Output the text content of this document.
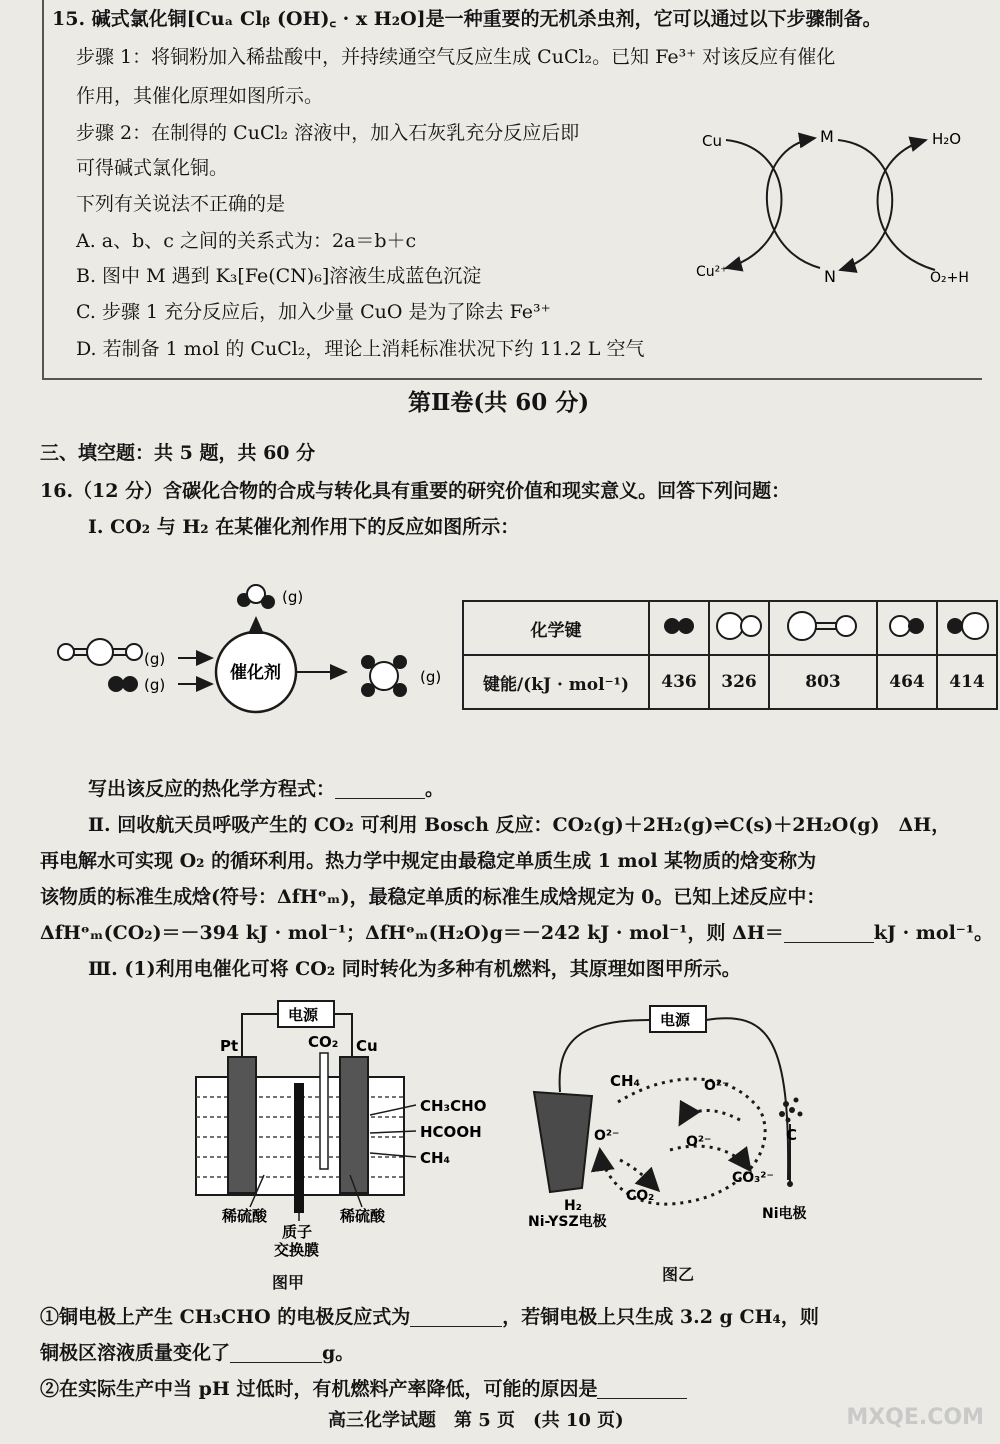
15. 碱式氯化铜[Cuₐ Clᵦ (OH)꜀ · x H₂O]是一种重要的无机杀虫剂，它可以通过以下步骤制备。
步骤 1：将铜粉加入稀盐酸中，并持续通空气反应生成 CuCl₂。已知 Fe³⁺ 对该反应有催化
作用，其催化原理如图所示。
步骤 2：在制得的 CuCl₂ 溶液中，加入石灰乳充分反应后即
可得碱式氯化铜。
下列有关说法不正确的是
A. a、b、c 之间的关系式为：2a＝b＋c
B. 图中 M 遇到 K₃[Fe(CN)₆]溶液生成蓝色沉淀
C. 步骤 1 充分反应后，加入少量 CuO 是为了除去 Fe³⁺
D. 若制备 1 mol 的 CuCl₂，理论上消耗标准状况下约 11.2 L 空气
Cu
Cu²⁺
M
N
H₂O
O₂+H
第Ⅱ卷(共 60 分)
三、填空题：共 5 题，共 60 分
16.（12 分）含碳化合物的合成与转化具有重要的研究价值和现实意义。回答下列问题：
Ⅰ. CO₂ 与 H₂ 在某催化剂作用下的反应如图所示：
(g)
(g)
催化剂
(g)
(g)
化学键					
键能/(kJ · mol⁻¹)	436	326	803	464	414
写出该反应的热化学方程式：	。
Ⅱ. 回收航天员呼吸产生的 CO₂ 可利用 Bosch 反应：CO₂(g)＋2H₂(g)⇌C(s)＋2H₂O(g)　ΔH，
再电解水可实现 O₂ 的循环利用。热力学中规定由最稳定单质生成 1 mol 某物质的焓变称为
该物质的标准生成焓(符号：ΔfHᶱₘ)，最稳定单质的标准生成焓规定为 0。已知上述反应中：
ΔfHᶱₘ(CO₂)＝－394 kJ · mol⁻¹；ΔfHᶱₘ(H₂O)g＝－242 kJ · mol⁻¹，则 ΔH＝	kJ · mol⁻¹。
Ⅲ. (1)利用电催化可将 CO₂ 同时转化为多种有机燃料，其原理如图甲所示。
电源
Pt	CO₂ Cu
CH₃CHO
HCOOH
CH₄
稀硫酸
质子
交换膜
稀硫酸
图甲
电源
CH₄	O²⁻
O²⁻	O²⁻
CO₃²⁻
CO₂
C
H₂
Ni-YSZ电极	Ni电极
图乙
①铜电极上产生 CH₃CHO 的电极反应式为	，若铜电极上只生成 3.2 g CH₄，则
铜极区溶液质量变化了	g。
②在实际生产中当 pH 过低时，有机燃料产率降低，可能的原因是
高三化学试题　第 5 页　(共 10 页)	MXQE.COM
